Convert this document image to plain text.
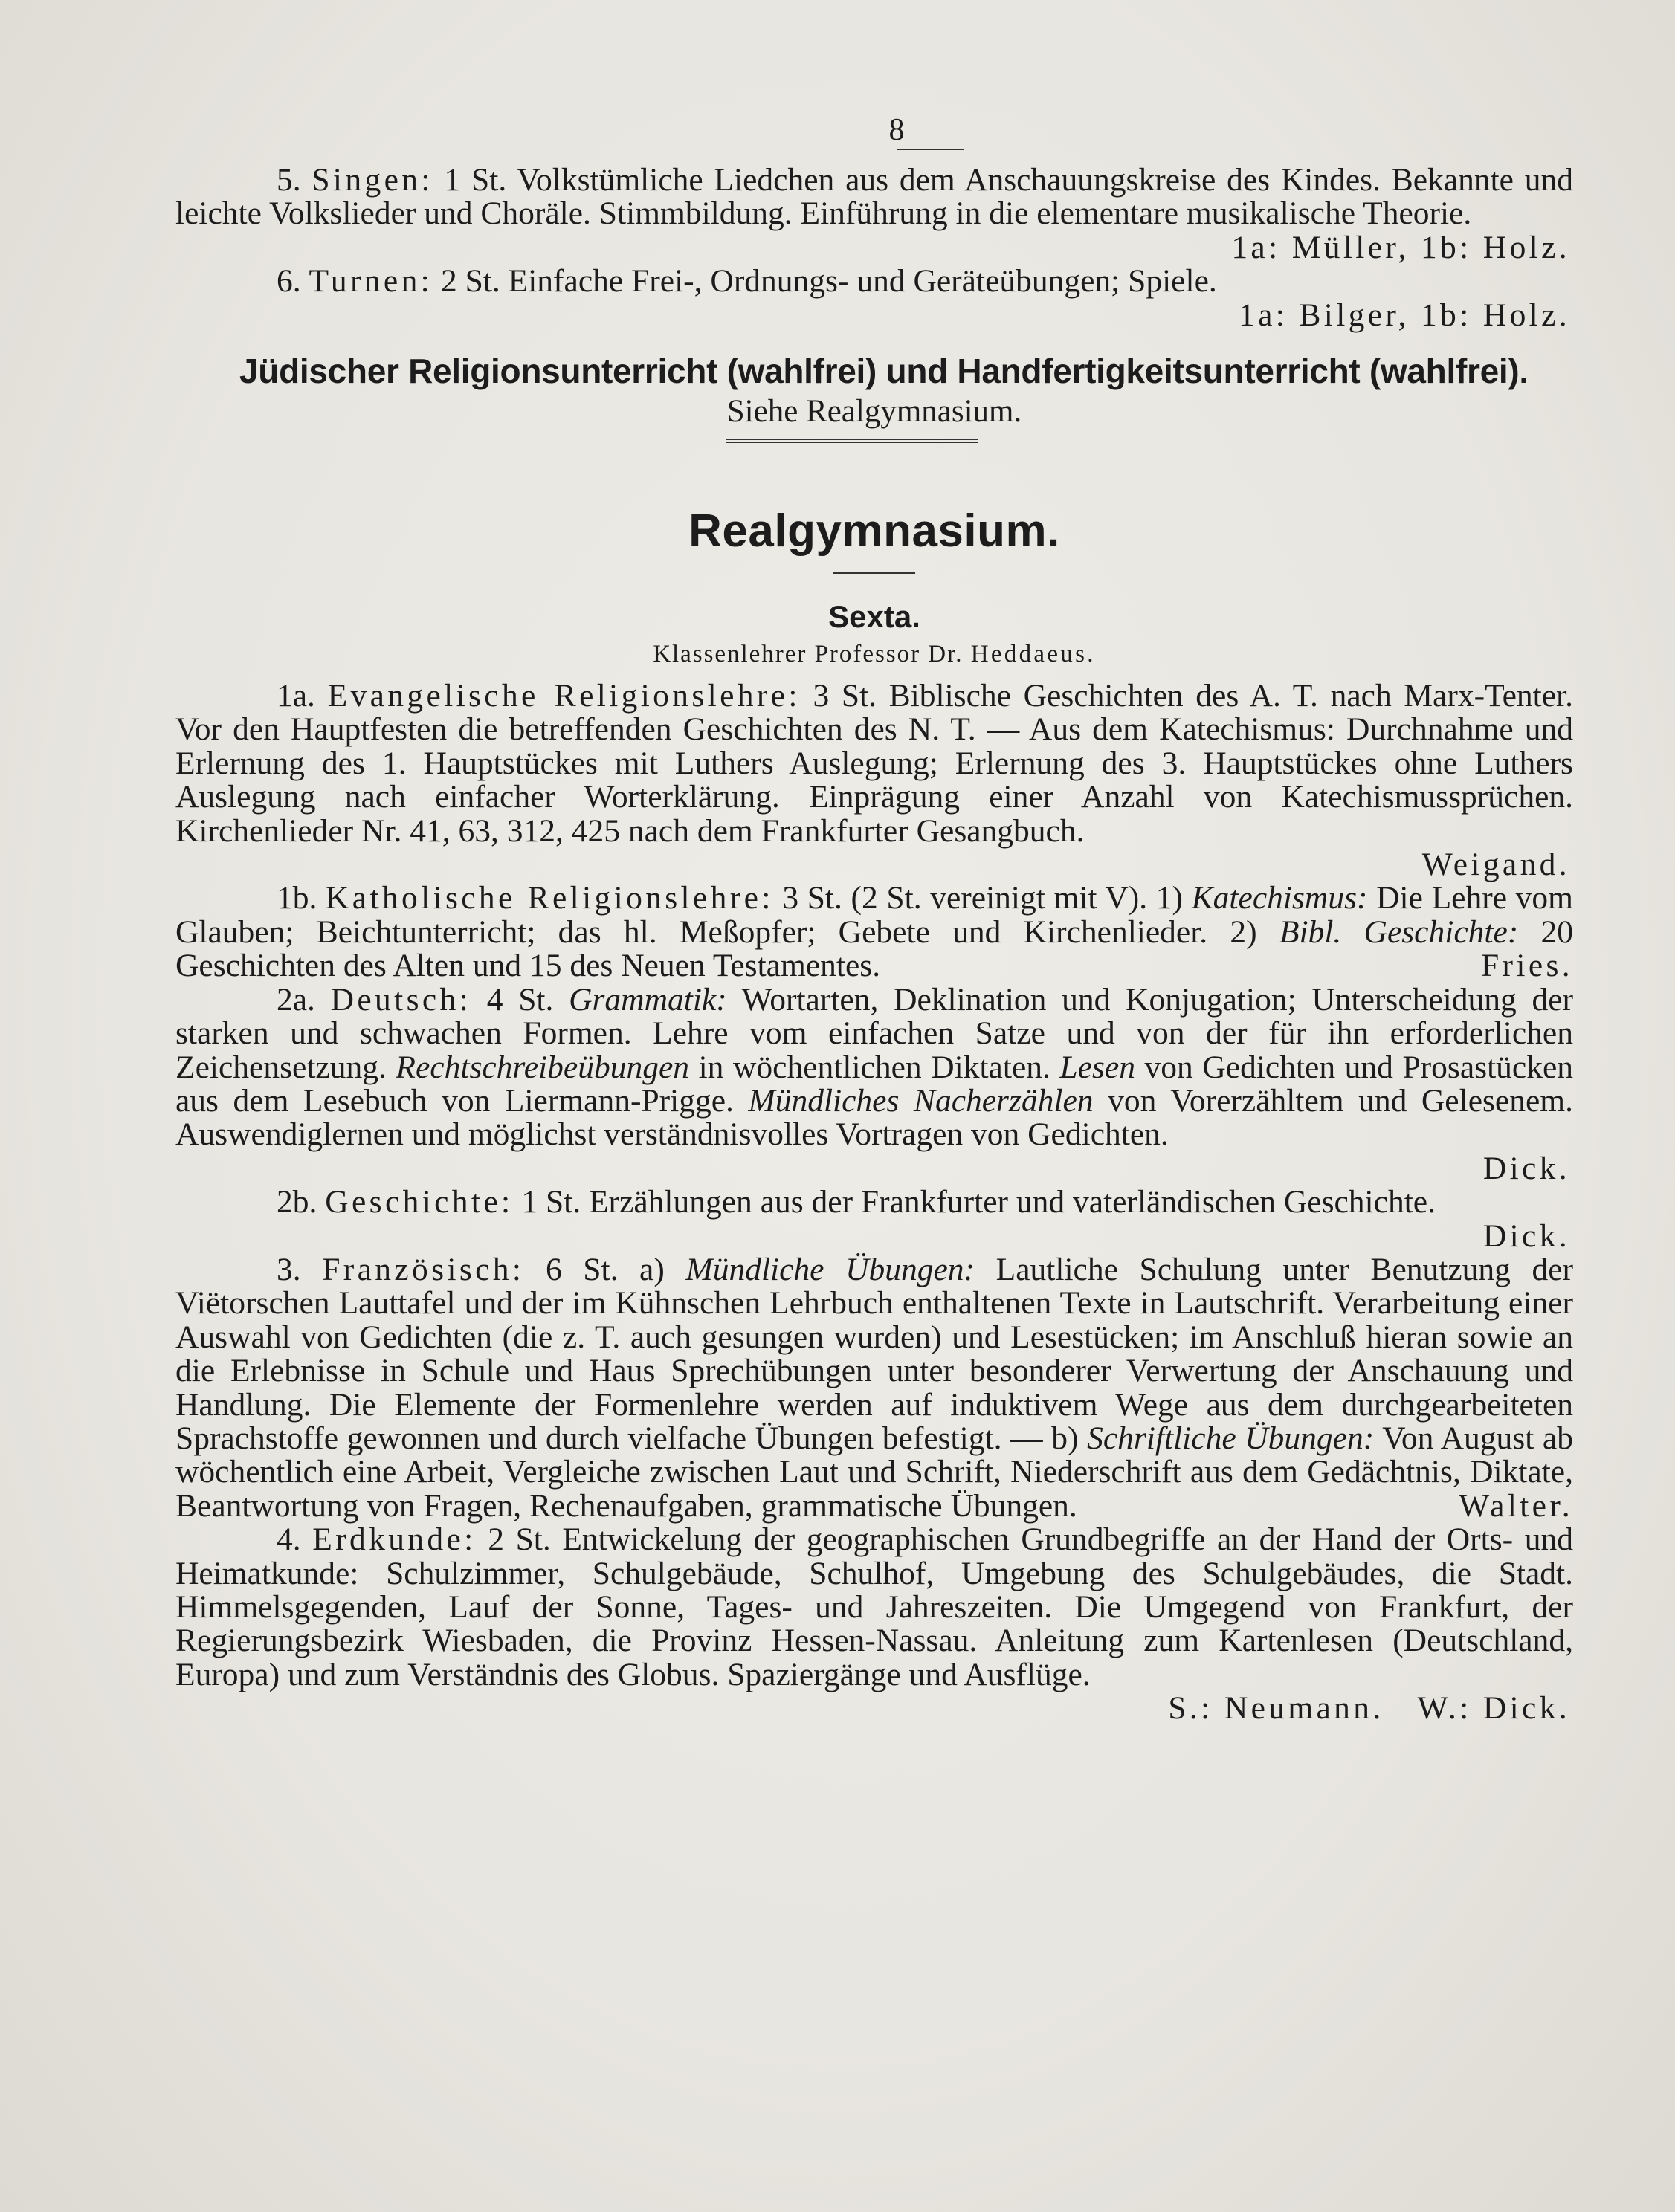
8

5. Singen: 1 St. Volkstümliche Liedchen aus dem Anschauungskreise des Kindes. Bekannte und leichte Volkslieder und Choräle. Stimmbildung. Einführung in die elementare musikalische Theorie.

1a: Müller, 1b: Holz.

6. Turnen: 2 St. Einfache Frei-, Ordnungs- und Geräteübungen; Spiele.

1a: Bilger, 1b: Holz.
Jüdischer Religionsunterricht (wahlfrei) und Handfertigkeitsunterricht (wahlfrei).
Siehe Realgymnasium.
Realgymnasium.
Sexta.
Klassenlehrer Professor Dr. Heddaeus.

1a. Evangelische Religionslehre: 3 St. Biblische Geschichten des A. T. nach Marx-Tenter. Vor den Hauptfesten die betreffenden Geschichten des N. T. — Aus dem Katechismus: Durchnahme und Erlernung des 1. Hauptstückes mit Luthers Auslegung; Erlernung des 3. Hauptstückes ohne Luthers Auslegung nach einfacher Worterklärung. Einprägung einer Anzahl von Katechismussprüchen. Kirchenlieder Nr. 41, 63, 312, 425 nach dem Frankfurter Gesangbuch.

Weigand.

1b. Katholische Religionslehre: 3 St. (2 St. vereinigt mit V). 1) Katechismus: Die Lehre vom Glauben; Beichtunterricht; das hl. Meßopfer; Gebete und Kirchenlieder. 2) Bibl. Geschichte: 20 Geschichten des Alten und 15 des Neuen Testamentes.	Fries.

2a. Deutsch: 4 St. Grammatik: Wortarten, Deklination und Konjugation; Unterscheidung der starken und schwachen Formen. Lehre vom einfachen Satze und von der für ihn erforderlichen Zeichensetzung. Rechtschreibeübungen in wöchentlichen Diktaten. Lesen von Gedichten und Prosastücken aus dem Lesebuch von Liermann-Prigge. Mündliches Nacherzählen von Vorerzähltem und Gelesenem. Auswendiglernen und möglichst verständnisvolles Vortragen von Gedichten.

Dick.

2b. Geschichte: 1 St. Erzählungen aus der Frankfurter und vaterländischen Geschichte.

Dick.

3. Französisch: 6 St. a) Mündliche Übungen: Lautliche Schulung unter Benutzung der Viëtorschen Lauttafel und der im Kühnschen Lehrbuch enthaltenen Texte in Lautschrift. Verarbeitung einer Auswahl von Gedichten (die z. T. auch gesungen wurden) und Lesestücken; im Anschluß hieran sowie an die Erlebnisse in Schule und Haus Sprechübungen unter besonderer Verwertung der Anschauung und Handlung. Die Elemente der Formenlehre werden auf induktivem Wege aus dem durchgearbeiteten Sprachstoffe gewonnen und durch vielfache Übungen befestigt. — b) Schriftliche Übungen: Von August ab wöchentlich eine Arbeit, Vergleiche zwischen Laut und Schrift, Niederschrift aus dem Gedächtnis, Diktate, Beantwortung von Fragen, Rechenaufgaben, grammatische Übungen.	Walter.

4. Erdkunde: 2 St. Entwickelung der geographischen Grundbegriffe an der Hand der Orts- und Heimatkunde: Schulzimmer, Schulgebäude, Schulhof, Umgebung des Schulgebäudes, die Stadt. Himmelsgegenden, Lauf der Sonne, Tages- und Jahreszeiten. Die Umgegend von Frankfurt, der Regierungsbezirk Wiesbaden, die Provinz Hessen-Nassau. Anleitung zum Kartenlesen (Deutschland, Europa) und zum Verständnis des Globus. Spaziergänge und Ausflüge.

S.: Neumann. W.: Dick.
